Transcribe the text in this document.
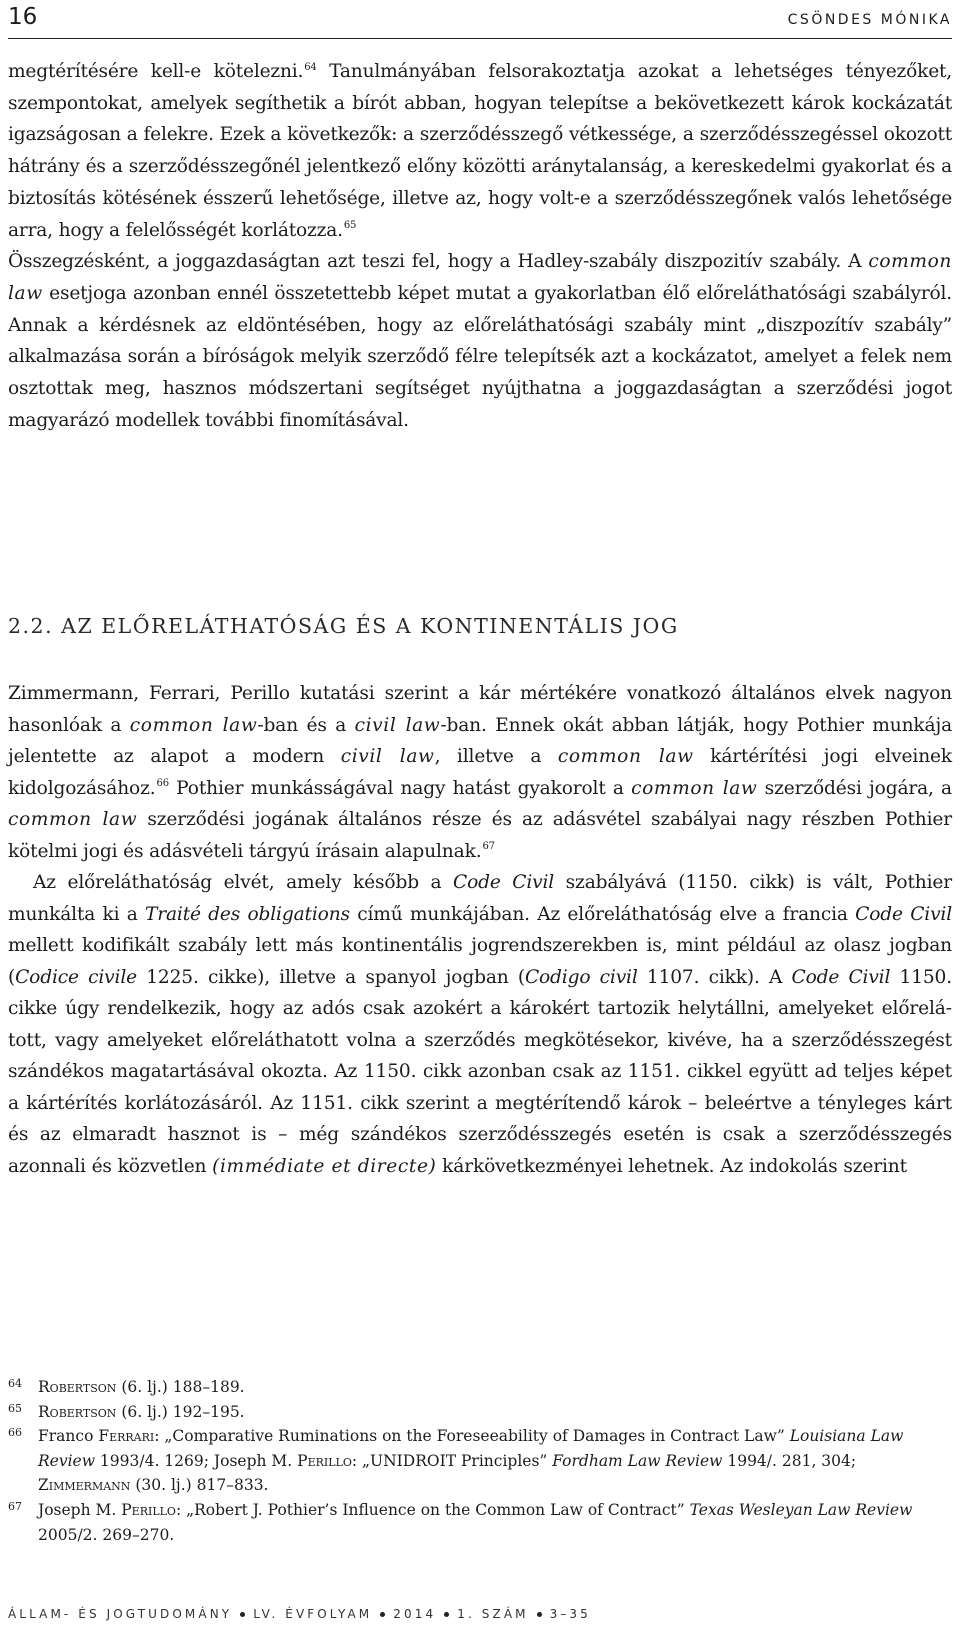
16	CSÖNDES MÓNIKA

megtérítésére kell-e kötelezni.$^{64}$ Tanulmányában felsorakoztatja azokat a lehetséges tényezőket, szempontokat, amelyek segíthetik a bírót abban, hogyan telepítse a bekövetkezett károk kockázatát igazságosan a felekre. Ezek a következők: a szerződésszegő vétkessége, a szerződésszegéssel okozott hátrány és a szerződésszegőnél jelentkező előny közötti aránytalanság, a kereskedelmi gyakorlat és a biztosítás kötésének ésszerű lehetősége, illetve az, hogy volt-e a szerződésszegőnek valós lehetősége arra, hogy a felelősségét korlátozza.$^{65}$

Összegzésként, a joggazdaságtan azt teszi fel, hogy a Hadley-szabály diszpozitív szabály. A common law esetjoga azonban ennél összetettebb képet mutat a gyakorlatban élő előreláthatósági szabályról. Annak a kérdésnek az eldöntésében, hogy az előreláthatósági szabály mint „diszpozítív szabály” alkalmazása során a bíróságok melyik szerződő félre telepítsék azt a kockázatot, amelyet a felek nem osztottak meg, hasznos módszertani segítséget nyújthatna a joggazdaságtan a szerződési jogot magyarázó modellek további finomításával.

2.2. AZ ELŐRELÁTHATÓSÁG ÉS A KONTINENTÁLIS JOG

Zimmermann, Ferrari, Perillo kutatási szerint a kár mértékére vonatkozó általános elvek nagyon hasonlóak a common law-ban és a civil law-ban. Ennek okát abban látják, hogy Pothier munkája jelentette az alapot a modern civil law, illetve a common law kártérítési jogi elveinek kidolgozásához.$^{66}$ Pothier munkásságával nagy hatást gyakorolt a common law szerződési jogára, a common law szerződési jogának általános része és az adásvétel szabályai nagy részben Pothier kötelmi jogi és adásvételi tárgyú írásain alapulnak.$^{67}$

Az előreláthatóság elvét, amely később a Code Civil szabályává (1150. cikk) is vált, Pothier munkálta ki a Traité des obligations című munkájában. Az előreláthatóság elve a francia Code Civil mellett kodifikált szabály lett más kontinentális jogrendszerekben is, mint például az olasz jogban (Codice civile 1225. cikke), illetve a spanyol jogban (Codigo civil 1107. cikk). A Code Civil 1150. cikke úgy rendelkezik, hogy az adós csak azokért a károkért tartozik helytállni, amelyeket előrelátott, vagy amelyeket előreláthatott volna a szerződés megkötésekor, kivéve, ha a szerződésszegést szándékos magatartásával okozta. Az 1150. cikk azonban csak az 1151. cikkel együtt ad teljes képet a kártérítés korlátozásáról. Az 1151. cikk szerint a megtérítendő károk – beleértve a tényleges kárt és az elmaradt hasznot is – még szándékos szerződésszegés esetén is csak a szerződésszegés azonnali és közvetlen (immédiate et directe) kárkövetkezményei lehetnek. Az indokolás szerint

64 Robertson (6. lj.) 188–189.
65 Robertson (6. lj.) 192–195.
66 Franco Ferrari: „Comparative Ruminations on the Foreseeability of Damages in Contract Law” Louisiana Law Review 1993/4. 1269; Joseph M. Perillo: „UNIDROIT Principles” Fordham Law Review 1994/. 281, 304; Zimmermann (30. lj.) 817–833.
67 Joseph M. Perillo: „Robert J. Pothier’s Influence on the Common Law of Contract” Texas Wesleyan Law Review 2005/2. 269–270.
ÁLLAM- ÉS JOGTUDOMÁNY LV. ÉVFOLYAM 2014 1. SZÁM 3–35
